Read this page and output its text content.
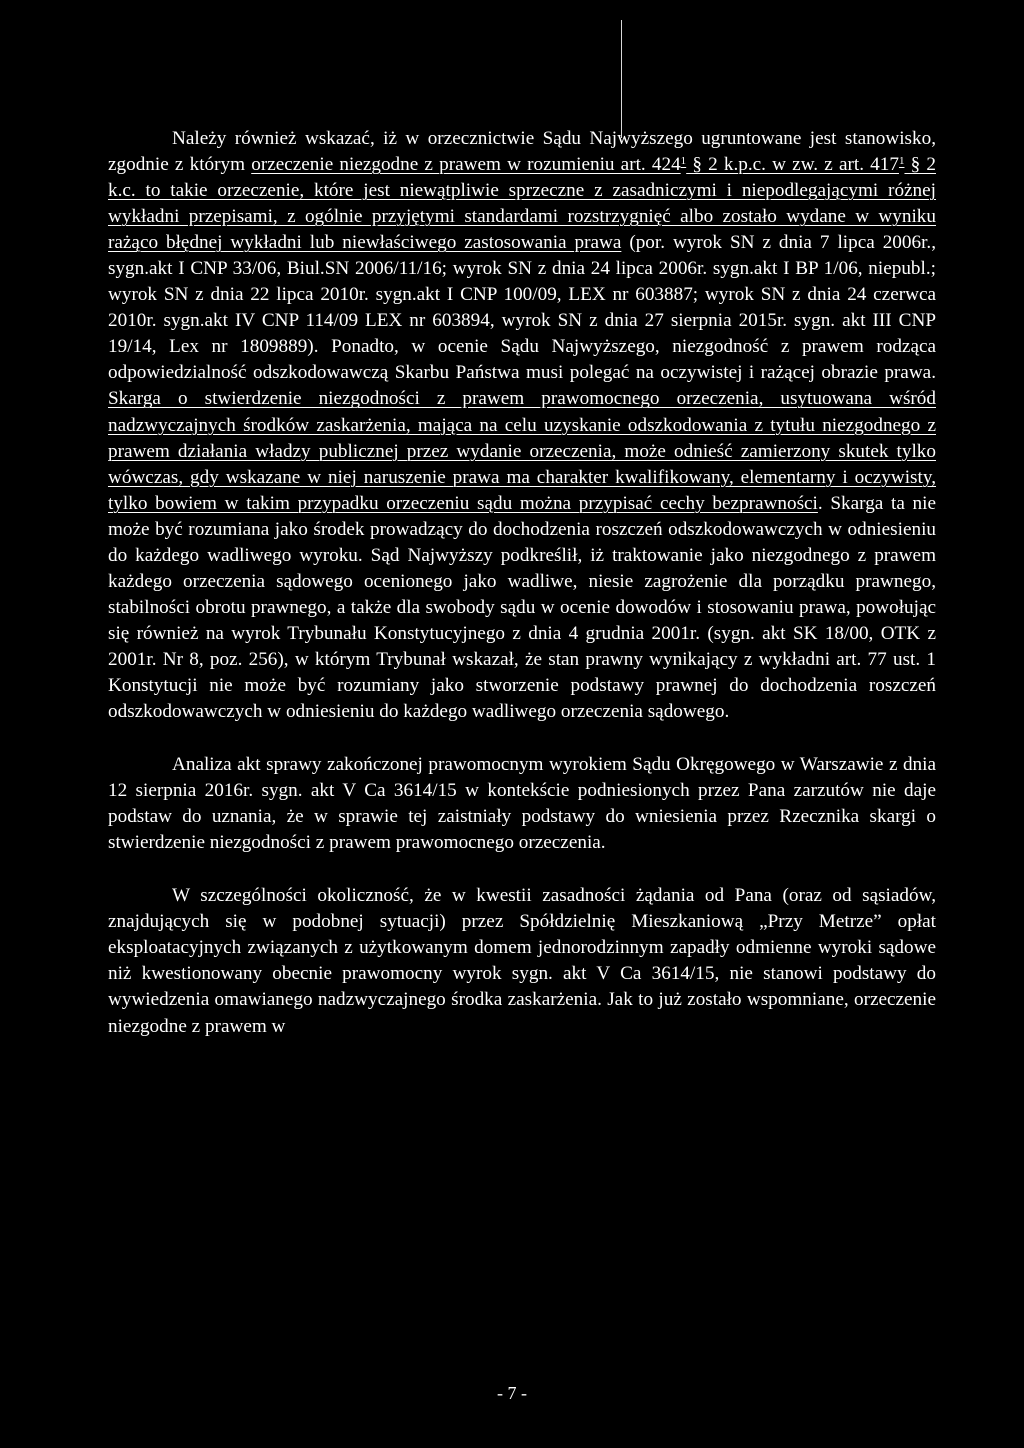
Należy również wskazać, iż w orzecznictwie Sądu Najwyższego ugruntowane jest stanowisko, zgodnie z którym orzeczenie niezgodne z prawem w rozumieniu art. $424^1$ § 2 k.p.c. w zw. z art. $417^1$ § 2 k.c. to takie orzeczenie, które jest niewątpliwie sprzeczne z zasadniczymi i niepodlegającymi różnej wykładni przepisami, z ogólnie przyjętymi standardami rozstrzygnięć albo zostało wydane w wyniku rażąco błędnej wykładni lub niewłaściwego zastosowania prawa (por. wyrok SN z dnia 7 lipca 2006r., sygn.akt I CNP 33/06, Biul.SN 2006/11/16; wyrok SN z dnia 24 lipca 2006r. sygn.akt I BP 1/06, niepubl.; wyrok SN z dnia 22 lipca 2010r. sygn.akt I CNP 100/09, LEX nr 603887; wyrok SN z dnia 24 czerwca 2010r. sygn.akt IV CNP 114/09 LEX nr 603894, wyrok SN z dnia 27 sierpnia 2015r. sygn. akt III CNP 19/14, Lex nr 1809889). Ponadto, w ocenie Sądu Najwyższego, niezgodność z prawem rodząca odpowiedzialność odszkodowawczą Skarbu Państwa musi polegać na oczywistej i rażącej obrazie prawa. Skarga o stwierdzenie niezgodności z prawem prawomocnego orzeczenia, usytuowana wśród nadzwyczajnych środków zaskarżenia, mająca na celu uzyskanie odszkodowania z tytułu niezgodnego z prawem działania władzy publicznej przez wydanie orzeczenia, może odnieść zamierzony skutek tylko wówczas, gdy wskazane w niej naruszenie prawa ma charakter kwalifikowany, elementarny i oczywisty, tylko bowiem w takim przypadku orzeczeniu sądu można przypisać cechy bezprawności. Skarga ta nie może być rozumiana jako środek prowadzący do dochodzenia roszczeń odszkodowawczych w odniesieniu do każdego wadliwego wyroku. Sąd Najwyższy podkreślił, iż traktowanie jako niezgodnego z prawem każdego orzeczenia sądowego ocenionego jako wadliwe, niesie zagrożenie dla porządku prawnego, stabilności obrotu prawnego, a także dla swobody sądu w ocenie dowodów i stosowaniu prawa, powołując się również na wyrok Trybunału Konstytucyjnego z dnia 4 grudnia 2001r. (sygn. akt SK 18/00, OTK z 2001r. Nr 8, poz. 256), w którym Trybunał wskazał, że stan prawny wynikający z wykładni art. 77 ust. 1 Konstytucji nie może być rozumiany jako stworzenie podstawy prawnej do dochodzenia roszczeń odszkodowawczych w odniesieniu do każdego wadliwego orzeczenia sądowego.

Analiza akt sprawy zakończonej prawomocnym wyrokiem Sądu Okręgowego w Warszawie z dnia 12 sierpnia 2016r. sygn. akt V Ca 3614/15 w kontekście podniesionych przez Pana zarzutów nie daje podstaw do uznania, że w sprawie tej zaistniały podstawy do wniesienia przez Rzecznika skargi o stwierdzenie niezgodności z prawem prawomocnego orzeczenia.

W szczególności okoliczność, że w kwestii zasadności żądania od Pana (oraz od sąsiadów, znajdujących się w podobnej sytuacji) przez Spółdzielnię Mieszkaniową „Przy Metrze” opłat eksploatacyjnych związanych z użytkowanym domem jednorodzinnym zapadły odmienne wyroki sądowe niż kwestionowany obecnie prawomocny wyrok sygn. akt V Ca 3614/15, nie stanowi podstawy do wywiedzenia omawianego nadzwyczajnego środka zaskarżenia. Jak to już zostało wspomniane, orzeczenie niezgodne z prawem w

- 7 -
